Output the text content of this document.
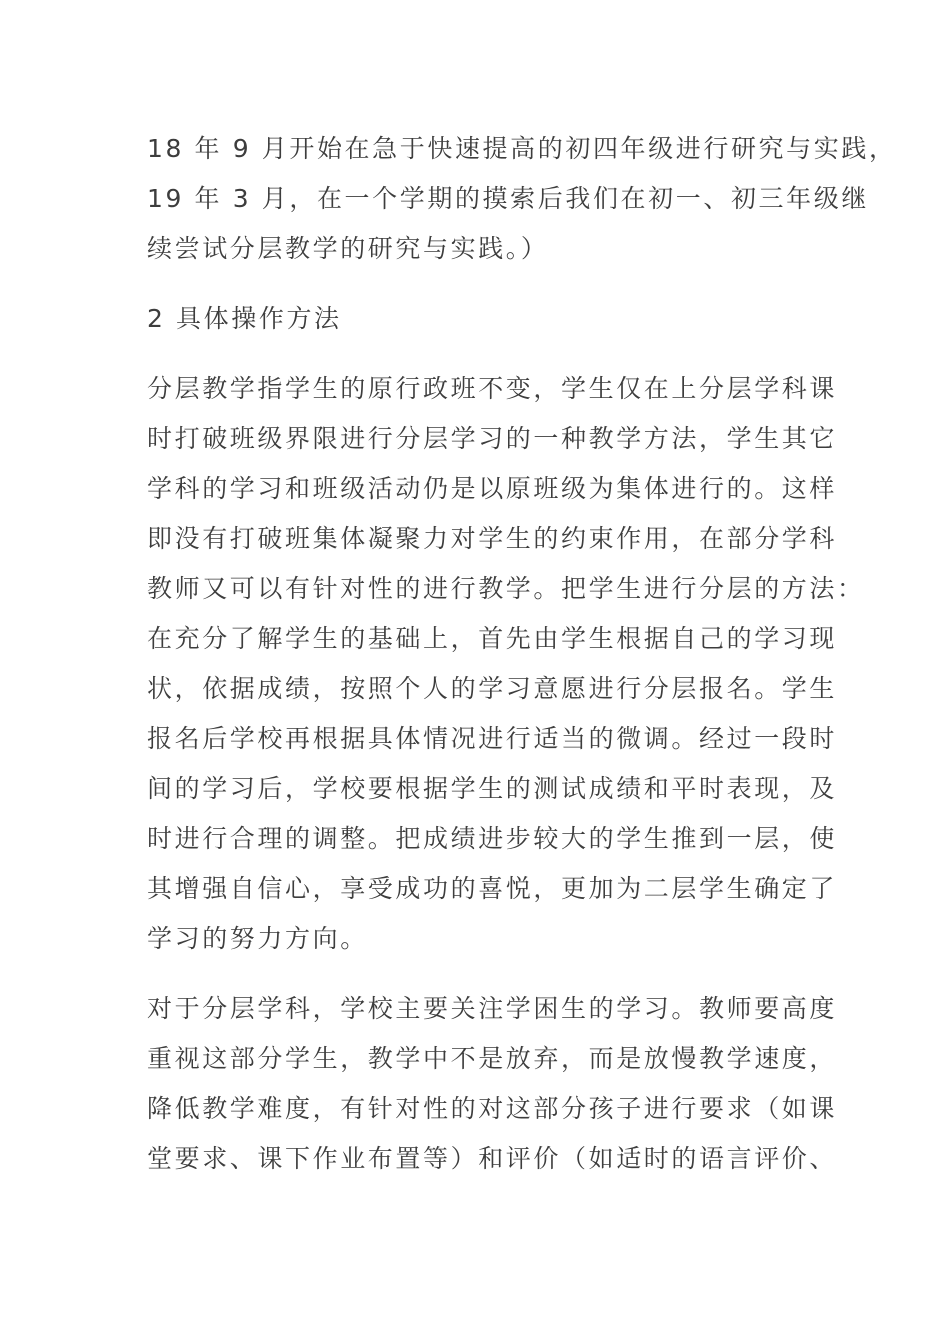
18 年 9 月开始在急于快速提高的初四年级进行研究与实践，
19 年 3 月，在一个学期的摸索后我们在初一、初三年级继
续尝试分层教学的研究与实践。）
2 具体操作方法
分层教学指学生的原行政班不变，学生仅在上分层学科课
时打破班级界限进行分层学习的一种教学方法，学生其它
学科的学习和班级活动仍是以原班级为集体进行的。这样
即没有打破班集体凝聚力对学生的约束作用，在部分学科
教师又可以有针对性的进行教学。把学生进行分层的方法：
在充分了解学生的基础上，首先由学生根据自己的学习现
状，依据成绩，按照个人的学习意愿进行分层报名。学生
报名后学校再根据具体情况进行适当的微调。经过一段时
间的学习后，学校要根据学生的测试成绩和平时表现，及
时进行合理的调整。把成绩进步较大的学生推到一层，使
其增强自信心，享受成功的喜悦，更加为二层学生确定了
学习的努力方向。
对于分层学科，学校主要关注学困生的学习。教师要高度
重视这部分学生，教学中不是放弃，而是放慢教学速度，
降低教学难度，有针对性的对这部分孩子进行要求（如课
堂要求、课下作业布置等）和评价（如适时的语言评价、
